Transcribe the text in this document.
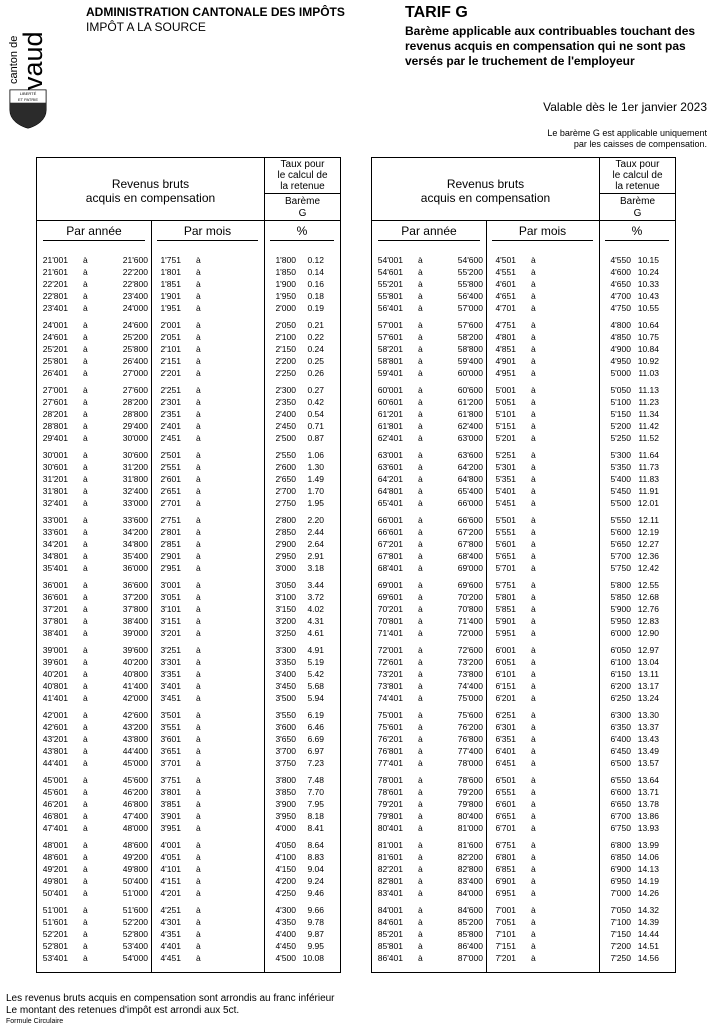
canton de
vaud
LIBERTÉ
ET PATRIE
ADMINISTRATION CANTONALE DES IMPÔTS
IMPÔT A LA SOURCE
TARIF G
Barème applicable aux contribuables touchant des revenus acquis en compensation qui ne sont pas versés par le truchement de l'employeur
Valable dès le 1er janvier 2023
Le barème G est applicable uniquement
par les caisses de compensation.
Revenus bruts
acquis en compensation
Taux pour
le calcul de
la retenue
Barème
G
Par année	Par mois	%
21'001 à	21'600 1'751 à	1'800 0.12
21'601 à	22'200 1'801 à	1'850 0.14
22'201 à	22'800 1'851 à	1'900 0.16
22'801 à	23'400 1'901 à	1'950 0.18
23'401 à	24'000 1'951 à	2'000 0.19
24'001 à	24'600 2'001 à	2'050 0.21
24'601 à	25'200 2'051 à	2'100 0.22
25'201 à	25'800 2'101 à	2'150 0.24
25'801 à	26'400 2'151 à	2'200 0.25
26'401 à	27'000 2'201 à	2'250 0.26
27'001 à	27'600 2'251 à	2'300 0.27
27'601 à	28'200 2'301 à	2'350 0.42
28'201 à	28'800 2'351 à	2'400 0.54
28'801 à	29'400 2'401 à	2'450 0.71
29'401 à	30'000 2'451 à	2'500 0.87
30'001 à	30'600 2'501 à	2'550 1.06
30'601 à	31'200 2'551 à	2'600 1.30
31'201 à	31'800 2'601 à	2'650 1.49
31'801 à	32'400 2'651 à	2'700 1.70
32'401 à	33'000 2'701 à	2'750 1.95
33'001 à	33'600 2'751 à	2'800 2.20
33'601 à	34'200 2'801 à	2'850 2.44
34'201 à	34'800 2'851 à	2'900 2.64
34'801 à	35'400 2'901 à	2'950 2.91
35'401 à	36'000 2'951 à	3'000 3.18
36'001 à	36'600 3'001 à	3'050 3.44
36'601 à	37'200 3'051 à	3'100 3.72
37'201 à	37'800 3'101 à	3'150 4.02
37'801 à	38'400 3'151 à	3'200 4.31
38'401 à	39'000 3'201 à	3'250 4.61
39'001 à	39'600 3'251 à	3'300 4.91
39'601 à	40'200 3'301 à	3'350 5.19
40'201 à	40'800 3'351 à	3'400 5.42
40'801 à	41'400 3'401 à	3'450 5.68
41'401 à	42'000 3'451 à	3'500 5.94
42'001 à	42'600 3'501 à	3'550 6.19
42'601 à	43'200 3'551 à	3'600 6.46
43'201 à	43'800 3'601 à	3'650 6.69
43'801 à	44'400 3'651 à	3'700 6.97
44'401 à	45'000 3'701 à	3'750 7.23
45'001 à	45'600 3'751 à	3'800 7.48
45'601 à	46'200 3'801 à	3'850 7.70
46'201 à	46'800 3'851 à	3'900 7.95
46'801 à	47'400 3'901 à	3'950 8.18
47'401 à	48'000 3'951 à	4'000 8.41
48'001 à	48'600 4'001 à	4'050 8.64
48'601 à	49'200 4'051 à	4'100 8.83
49'201 à	49'800 4'101 à	4'150 9.04
49'801 à	50'400 4'151 à	4'200 9.24
50'401 à	51'000 4'201 à	4'250 9.46
51'001 à	51'600 4'251 à	4'300 9.66
51'601 à	52'200 4'301 à	4'350 9.78
52'201 à	52'800 4'351 à	4'400 9.87
52'801 à	53'400 4'401 à	4'450 9.95
53'401 à	54'000 4'451 à	4'500 10.08
Revenus bruts
acquis en compensation
Taux pour
le calcul de
la retenue
Barème
G
Par année	Par mois	%
54'001 à	54'600 4'501 à	4'550 10.15
54'601 à	55'200 4'551 à	4'600 10.24
55'201 à	55'800 4'601 à	4'650 10.33
55'801 à	56'400 4'651 à	4'700 10.43
56'401 à	57'000 4'701 à	4'750 10.55
57'001 à	57'600 4'751 à	4'800 10.64
57'601 à	58'200 4'801 à	4'850 10.75
58'201 à	58'800 4'851 à	4'900 10.84
58'801 à	59'400 4'901 à	4'950 10.92
59'401 à	60'000 4'951 à	5'000 11.03
60'001 à	60'600 5'001 à	5'050 11.13
60'601 à	61'200 5'051 à	5'100 11.23
61'201 à	61'800 5'101 à	5'150 11.34
61'801 à	62'400 5'151 à	5'200 11.42
62'401 à	63'000 5'201 à	5'250 11.52
63'001 à	63'600 5'251 à	5'300 11.64
63'601 à	64'200 5'301 à	5'350 11.73
64'201 à	64'800 5'351 à	5'400 11.83
64'801 à	65'400 5'401 à	5'450 11.91
65'401 à	66'000 5'451 à	5'500 12.01
66'001 à	66'600 5'501 à	5'550 12.11
66'601 à	67'200 5'551 à	5'600 12.19
67'201 à	67'800 5'601 à	5'650 12.27
67'801 à	68'400 5'651 à	5'700 12.36
68'401 à	69'000 5'701 à	5'750 12.42
69'001 à	69'600 5'751 à	5'800 12.55
69'601 à	70'200 5'801 à	5'850 12.68
70'201 à	70'800 5'851 à	5'900 12.76
70'801 à	71'400 5'901 à	5'950 12.83
71'401 à	72'000 5'951 à	6'000 12.90
72'001 à	72'600 6'001 à	6'050 12.97
72'601 à	73'200 6'051 à	6'100 13.04
73'201 à	73'800 6'101 à	6'150 13.11
73'801 à	74'400 6'151 à	6'200 13.17
74'401 à	75'000 6'201 à	6'250 13.24
75'001 à	75'600 6'251 à	6'300 13.30
75'601 à	76'200 6'301 à	6'350 13.37
76'201 à	76'800 6'351 à	6'400 13.43
76'801 à	77'400 6'401 à	6'450 13.49
77'401 à	78'000 6'451 à	6'500 13.57
78'001 à	78'600 6'501 à	6'550 13.64
78'601 à	79'200 6'551 à	6'600 13.71
79'201 à	79'800 6'601 à	6'650 13.78
79'801 à	80'400 6'651 à	6'700 13.86
80'401 à	81'000 6'701 à	6'750 13.93
81'001 à	81'600 6'751 à	6'800 13.99
81'601 à	82'200 6'801 à	6'850 14.06
82'201 à	82'800 6'851 à	6'900 14.13
82'801 à	83'400 6'901 à	6'950 14.19
83'401 à	84'000 6'951 à	7'000 14.26
84'001 à	84'600 7'001 à	7'050 14.32
84'601 à	85'200 7'051 à	7'100 14.39
85'201 à	85'800 7'101 à	7'150 14.44
85'801 à	86'400 7'151 à	7'200 14.51
86'401 à	87'000 7'201 à	7'250 14.56
Les revenus bruts acquis en compensation sont arrondis au franc inférieur
Le montant des retenues d'impôt est arrondi aux 5ct.
Formule Circulaire
